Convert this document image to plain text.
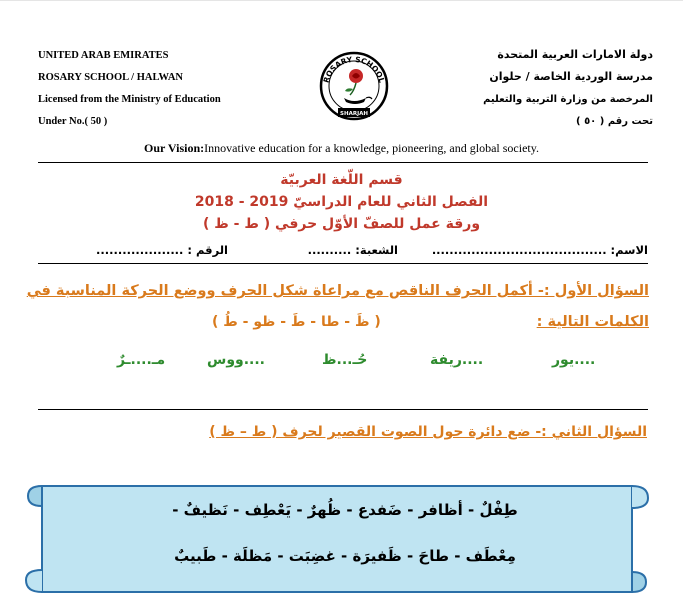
UNITED ARAB EMIRATES
ROSARY SCHOOL / HALWAN
Licensed from the Ministry of Education
Under No.( 50 )
دولة الامارات العربية المتحدة
مدرسة الوردية الخاصة / حلوان
المرخصة من وزارة التربية والتعليم
تحت رقم ( ٥٠ )
ROSARY SCHOOL
SHARJAH
Our Vision:Innovative education for a knowledge, pioneering, and global society.
قسم اللّغة العربيّة
الفصل الثاني للعام الدراسيّ 2019 - 2018
ورقة عمل للصفّ الأوّل حرفي ( ط - ظ )
الاسم: ........................................
الشعبة: ..........
الرقم : ....................
السؤال الأول :- أكمل الحرف الناقص مع مراعاة شكل الحرف ووضع الحركة المناسبة في
الكلمات التالية :
( ظَ - طا - طَ - ظو - طُ )
....يور
....ريفة
حُـ...ظ
....ووس
مـ....ـرٌ
السؤال الثاني :- ضع دائرة حول الصوت القصير لحرف ( ط – ظ )
طِفْلٌ - أظافر - ضَفدع - ظُهرٌ - يَعْطِف - نَظيفٌ -
مِعْطَف - طاحَ - ظَفيرَة - غضِبَت - مَظلَة - طَبيبٌ
